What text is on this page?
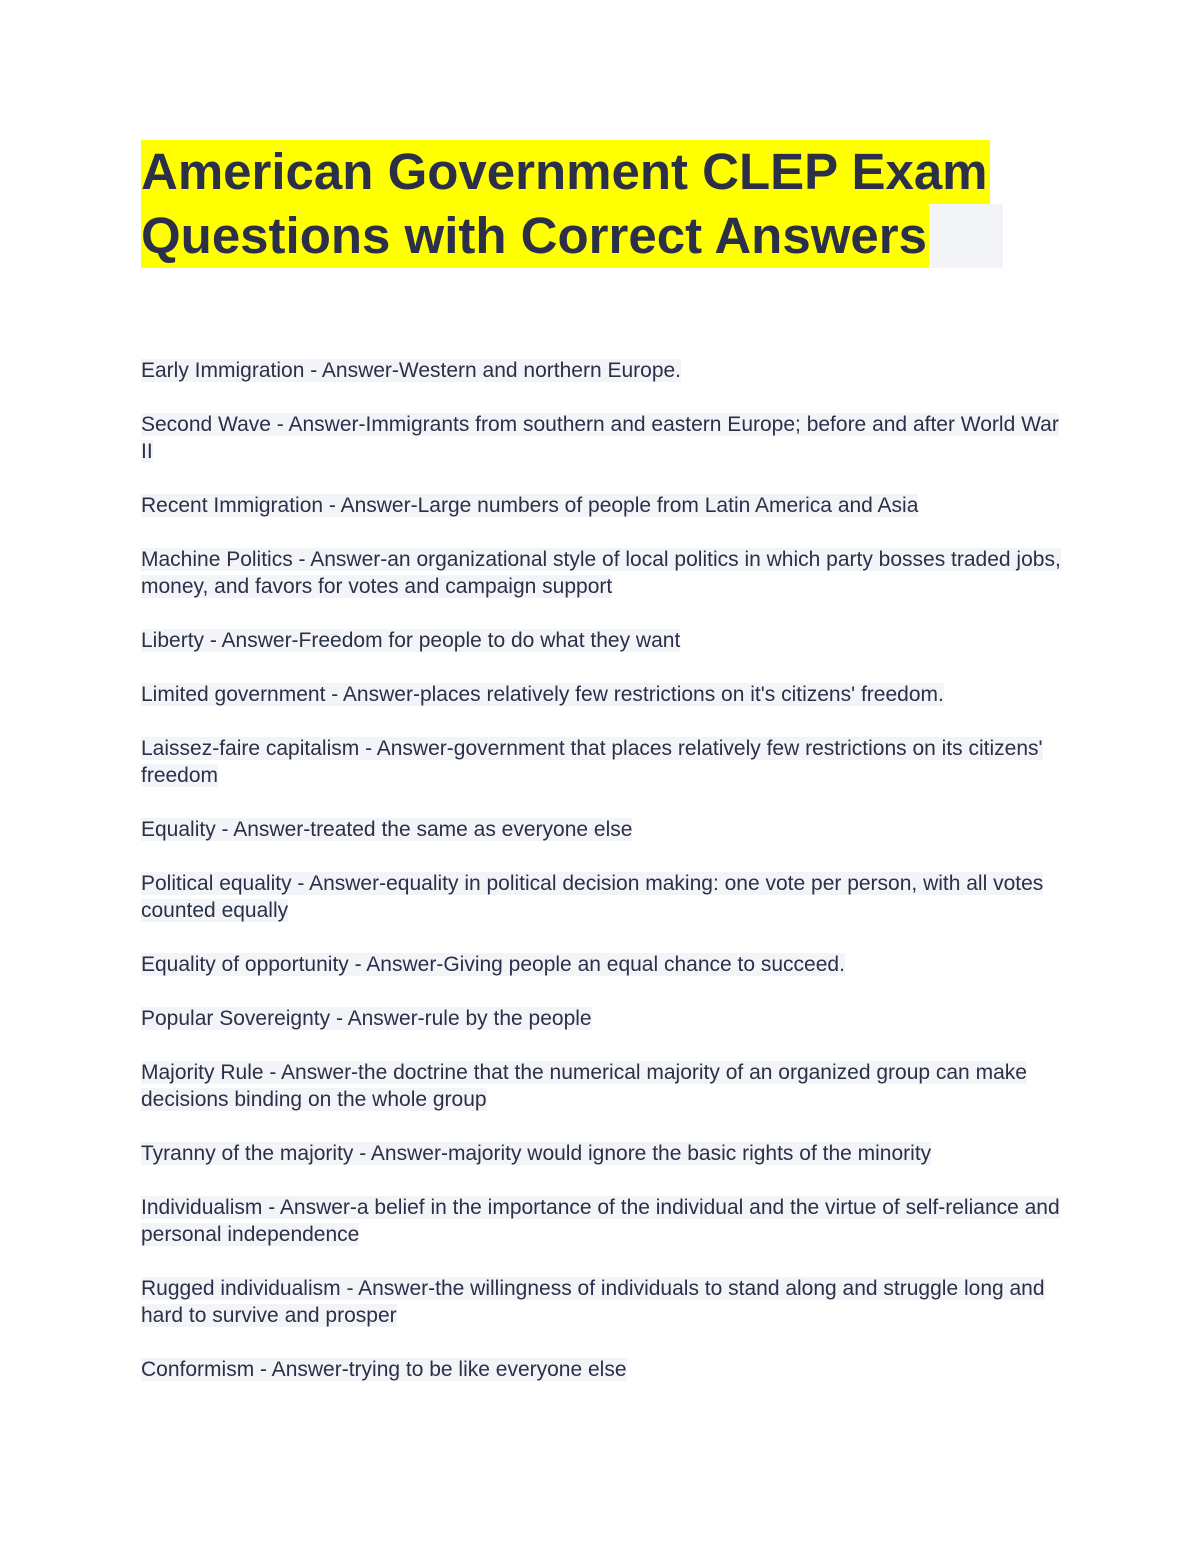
American Government CLEP Exam
Questions with Correct Answers

Early Immigration - Answer-Western and northern Europe.

Second Wave - Answer-Immigrants from southern and eastern Europe; before and after World War II

Recent Immigration - Answer-Large numbers of people from Latin America and Asia

Machine Politics - Answer-an organizational style of local politics in which party bosses traded jobs, money, and favors for votes and campaign support

Liberty - Answer-Freedom for people to do what they want

Limited government - Answer-places relatively few restrictions on it's citizens' freedom.

Laissez-faire capitalism - Answer-government that places relatively few restrictions on its citizens' freedom

Equality - Answer-treated the same as everyone else

Political equality - Answer-equality in political decision making: one vote per person, with all votes counted equally

Equality of opportunity - Answer-Giving people an equal chance to succeed.

Popular Sovereignty - Answer-rule by the people

Majority Rule - Answer-the doctrine that the numerical majority of an organized group can make decisions binding on the whole group

Tyranny of the majority - Answer-majority would ignore the basic rights of the minority

Individualism - Answer-a belief in the importance of the individual and the virtue of self-reliance and personal independence

Rugged individualism - Answer-the willingness of individuals to stand along and struggle long and hard to survive and prosper

Conformism - Answer-trying to be like everyone else
